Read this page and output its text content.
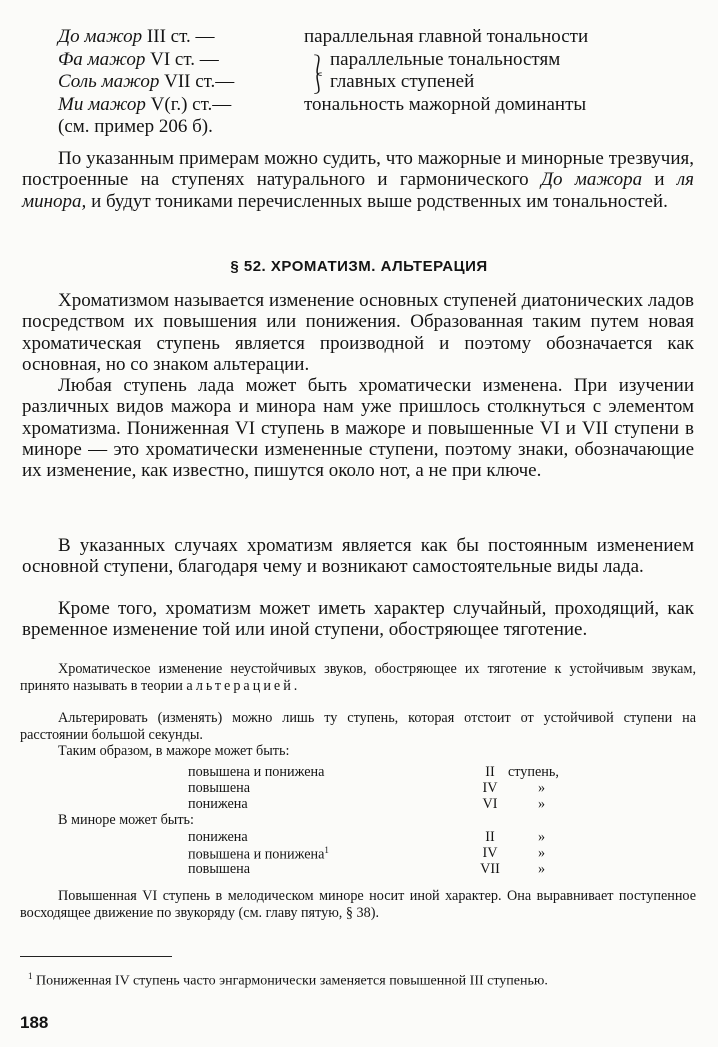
До мажор III ст. —	параллельная главной тональности
Фа мажор VI ст. —	параллельные тональностям
Соль мажор VII ст.—	главных ступеней
Ми мажор V(г.) ст.—	тональность мажорной доминанты
⎱
⎰
(см. пример 206 б).
По указанным примерам можно судить, что мажорные и минорные трезвучия, построенные на ступенях натурального и гармонического До мажора и ля минора, и будут тониками перечисленных выше родственных им тональностей.
§ 52. ХРОМАТИЗМ. АЛЬТЕРАЦИЯ
Хроматизмом называется изменение основных ступеней диатонических ладов посредством их повышения или понижения. Образованная таким путем новая хроматическая ступень является производной и поэтому обозначается как основная, но со знаком альтерации.
Любая ступень лада может быть хроматически изменена. При изучении различных видов мажора и минора нам уже пришлось столкнуться с элементом хроматизма. Пониженная VI ступень в мажоре и повышенные VI и VII ступени в миноре — это хроматически измененные ступени, поэтому знаки, обозначающие их изменение, как известно, пишутся около нот, а не при ключе.
В указанных случаях хроматизм является как бы постоянным изменением основной ступени, благодаря чему и возникают самостоятельные виды лада.
Кроме того, хроматизм может иметь характер случайный, проходящий, как временное изменение той или иной ступени, обостряющее тяготение.
Хроматическое изменение неустойчивых звуков, обостряющее их тяготение к устойчивым звукам, принято называть в теории альтерацией.
Альтерировать (изменять) можно лишь ту ступень, которая отстоит от устойчивой ступени на расстоянии большой секунды.
Таким образом, в мажоре может быть:
повышена и понижена	II ступень,
повышена	IV	»
понижена	VI	»
В миноре может быть:
понижена	II	»
повышена и понижена$^1$	IV	»
повышена	VII	»
Повышенная VI ступень в мелодическом миноре носит иной характер. Она выравнивает поступенное восходящее движение по звукоряду (см. главу пятую, § 38).
$^1$ Пониженная IV ступень часто энгармонически заменяется повышенной III ступенью.
188
